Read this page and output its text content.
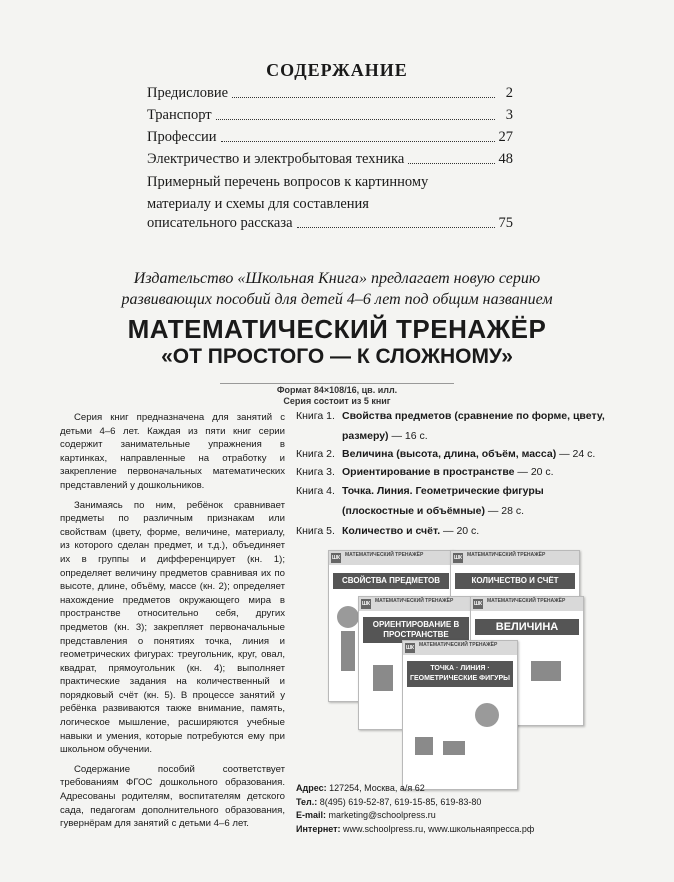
СОДЕРЖАНИЕ
Предисловие	2
Транспорт	3
Профессии	27
Электричество и электробытовая техника	48
Примерный перечень вопросов к картинному
материалу и схемы для составления
описательного рассказа	75
Издательство «Школьная Книга» предлагает новую серию
развивающих пособий для детей 4–6 лет под общим названием
МАТЕМАТИЧЕСКИЙ ТРЕНАЖЁР
«ОТ ПРОСТОГО — К СЛОЖНОМУ»
Формат 84×108/16, цв. илл.
Серия состоит из 5 книг

Серия книг предназначена для занятий с детьми 4–6 лет. Каждая из пяти книг серии содержит занимательные упражнения в картинках, направленные на отработку и закрепление первоначальных математических представлений у дошкольников.

Занимаясь по ним, ребёнок сравнивает предметы по различным признакам или свойствам (цвету, форме, величине, материалу, из которого сделан предмет, и т.д.), объединяет их в группы и дифференцирует (кн. 1); определяет величину предметов сравнивая их по высоте, длине, объёму, массе (кн. 2); определяет нахождение предметов окружающего мира в пространстве относительно себя, других предметов (кн. 3); закрепляет первоначальные представления о понятиях точка, линия и геометрических фигурах: треугольник, круг, овал, квадрат, прямоугольник (кн. 4); выполняет практические задания на количественный и порядковый счёт (кн. 5). В процессе занятий у ребёнка развиваются также внимание, память, логическое мышление, расширяются учебные навыки и умения, которые потребуются ему при школьном обучении.

Содержание пособий соответствует требованиям ФГОС дошкольного образования. Адресованы родителям, воспитателям детского сада, педагогам дополнительного образования, гувернёрам для занятий с детьми 4–6 лет.

Книга 1. Свойства предметов (сравнение по форме, цвету, размеру) — 16 с.
Книга 2. Величина (высота, длина, объём, масса) — 24 с.
Книга 3. Ориентирование в пространстве — 20 с.
Книга 4. Точка. Линия. Геометрические фигуры (плоскостные и объёмные) — 28 с.
Книга 5. Количество и счёт. — 20 с.
ШК МАТЕМАТИЧЕСКИЙ ТРЕНАЖЁР
СВОЙСТВА ПРЕДМЕТОВ
ШК МАТЕМАТИЧЕСКИЙ ТРЕНАЖЁР
КОЛИЧЕСТВО И СЧЁТ
ШК МАТЕМАТИЧЕСКИЙ ТРЕНАЖЁР
ОРИЕНТИРОВАНИЕ В ПРОСТРАНСТВЕ
ШК МАТЕМАТИЧЕСКИЙ ТРЕНАЖЁР
ВЕЛИЧИНА
ШК МАТЕМАТИЧЕСКИЙ ТРЕНАЖЁР
ТОЧКА · ЛИНИЯ · ГЕОМЕТРИЧЕСКИЕ ФИГУРЫ
Адрес: 127254, Москва, а/я 62
Тел.: 8(495) 619-52-87, 619-15-85, 619-83-80
E-mail: marketing@schoolpress.ru
Интернет: www.schoolpress.ru, www.школьнаяпресса.рф
